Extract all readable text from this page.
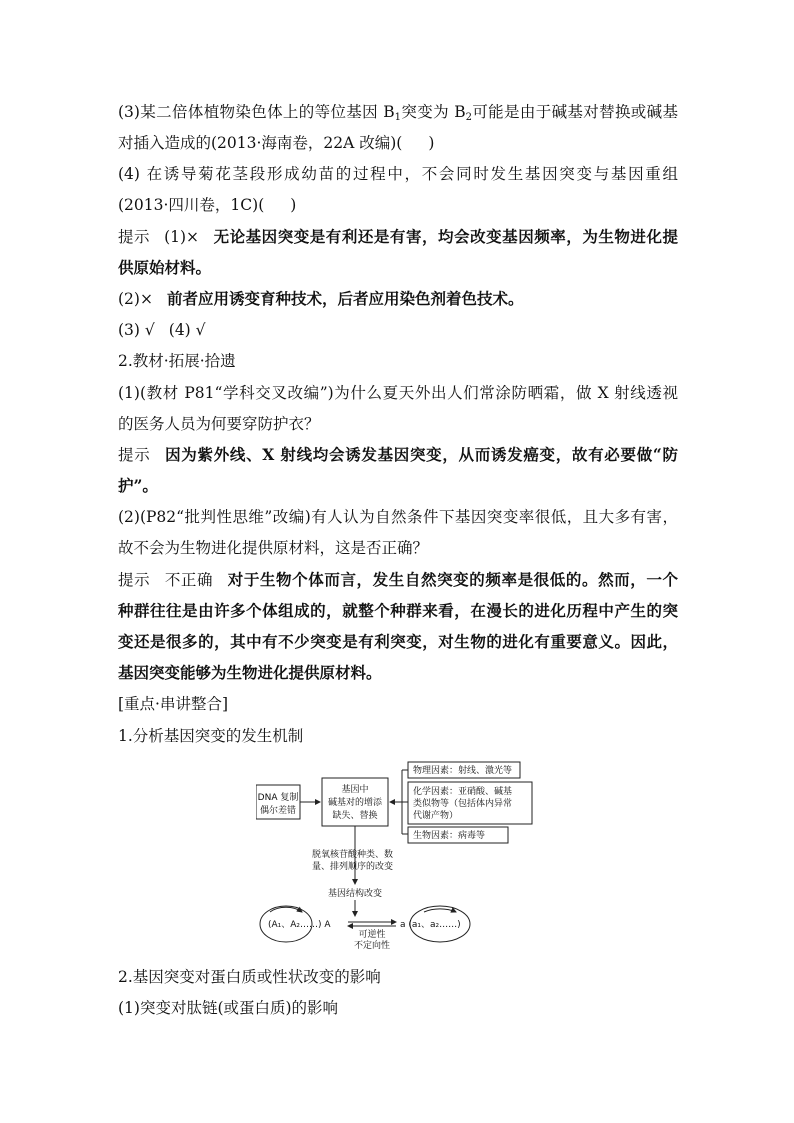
(3)某二倍体植物染色体上的等位基因 $B_1$突变为 $B_2$可能是由于碱基对替换或碱基
对插入造成的(2013·海南卷，22A 改编)( )
(4) 在诱导菊花茎段形成幼苗的过程中，不会同时发生基因突变与基因重组
(2013·四川卷，1C)( )
提示 (1)× 无论基因突变是有利还是有害，均会改变基因频率，为生物进化提
供原始材料。
(2)× 前者应用诱变育种技术，后者应用染色剂着色技术。
(3) √ (4) √
2.教材·拓展·拾遗
(1)(教材 P81“学科交叉改编”)为什么夏天外出人们常涂防晒霜，做 X 射线透视
的医务人员为何要穿防护衣？
提示 因为紫外线、X 射线均会诱发基因突变，从而诱发癌变，故有必要做“防
护”。
(2)(P82“批判性思维”改编)有人认为自然条件下基因突变率很低，且大多有害，
故不会为生物进化提供原材料，这是否正确？
提示 不正确 对于生物个体而言，发生自然突变的频率是很低的。然而，一个
种群往往是由许多个体组成的，就整个种群来看，在漫长的进化历程中产生的突
变还是很多的，其中有不少突变是有利突变，对生物的进化有重要意义。因此，
基因突变能够为生物进化提供原材料。
[重点·串讲整合]
1.分析基因突变的发生机制
DNA 复制
偶尔差错
基因中
碱基对的增添
缺失、替换
物理因素：射线、激光等
化学因素：亚硝酸、碱基
类似物等（包括体内异常
代谢产物）
生物因素：病毒等
脱氧核苷酸种类、数
量、排列顺序的改变
基因结构改变
(A₁、A₂……) A
可逆性
不定向性
a (a₁、a₂……)
2.基因突变对蛋白质或性状改变的影响
(1)突变对肽链(或蛋白质)的影响
